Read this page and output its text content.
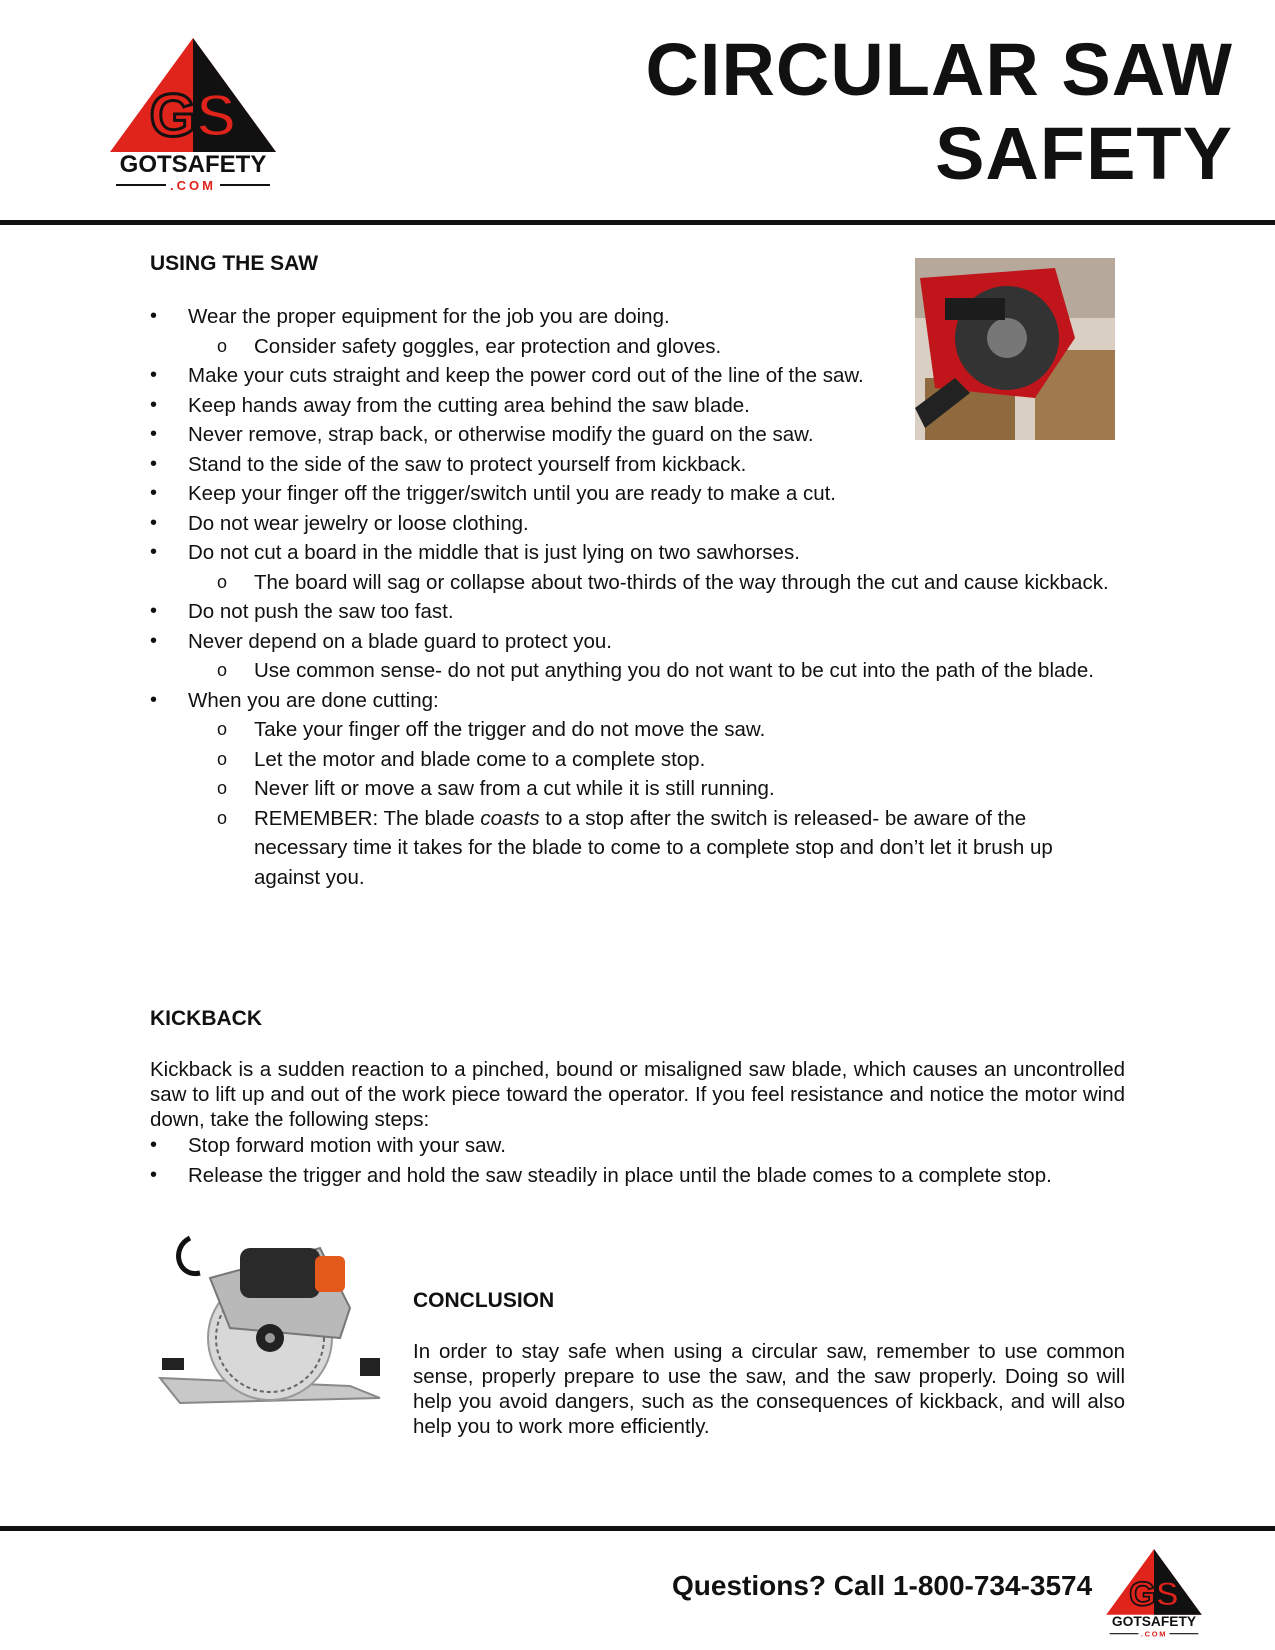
GS
GOTSAFETY
.COM
CIRCULAR SAW
SAFETY
USING THE SAW
• Wear the proper equipment for the job you are doing.
o Consider safety goggles, ear protection and gloves.
• Make your cuts straight and keep the power cord out of the line of the saw.
• Keep hands away from the cutting area behind the saw blade.
• Never remove, strap back, or otherwise modify the guard on the saw.
• Stand to the side of the saw to protect yourself from kickback.
• Keep your finger off the trigger/switch until you are ready to make a cut.
• Do not wear jewelry or loose clothing.
• Do not cut a board in the middle that is just lying on two sawhorses.
o The board will sag or collapse about two-thirds of the way through the cut and cause kickback.
• Do not push the saw too fast.
• Never depend on a blade guard to protect you.
o Use common sense- do not put anything you do not want to be cut into the path of the blade.
• When you are done cutting:
o Take your finger off the trigger and do not move the saw.
o Let the motor and blade come to a complete stop.
o Never lift or move a saw from a cut while it is still running.
o REMEMBER: The blade coasts to a stop after the switch is released- be aware of the necessary time it takes for the blade to come to a complete stop and don’t let it brush up against you.
KICKBACK

Kickback is a sudden reaction to a pinched, bound or misaligned saw blade, which causes an uncontrolled saw to lift up and out of the work piece toward the operator. If you feel resistance and notice the motor wind down, take the following steps:

• Stop forward motion with your saw.
• Release the trigger and hold the saw steadily in place until the blade comes to a complete stop.
CONCLUSION

In order to stay safe when using a circular saw, remember to use common sense, properly prepare to use the saw, and the saw properly. Doing so will help you avoid dangers, such as the consequences of kickback, and will also help you to work more efficiently.

Questions? Call 1-800-734-3574 GS
GOTSAFETY
.COM
